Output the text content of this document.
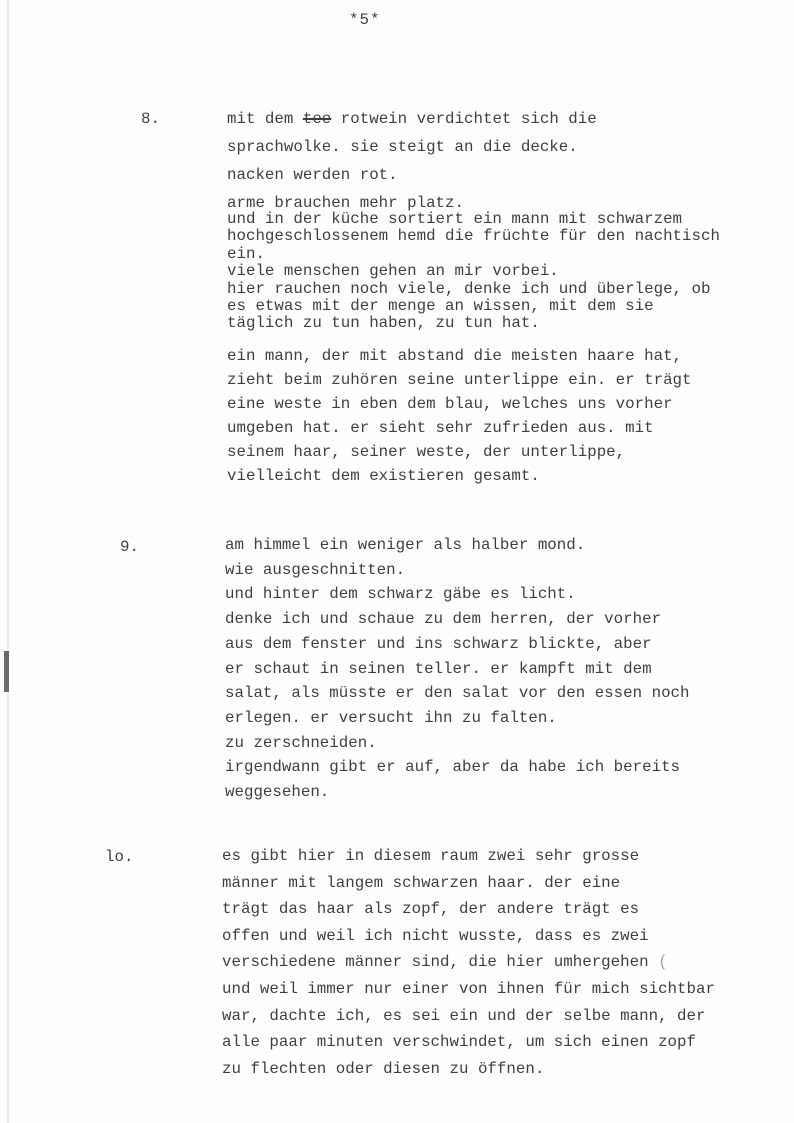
*5*
8.	mit dem tee rotwein verdichtet sich die
sprachwolke. sie steigt an die decke.
nacken werden rot.
arme brauchen mehr platz.
und in der küche sortiert ein mann mit schwarzem
hochgeschlossenem hemd die früchte für den nachtisch
ein.
viele menschen gehen an mir vorbei.
hier rauchen noch viele, denke ich und überlege, ob
es etwas mit der menge an wissen, mit dem sie
täglich zu tun haben, zu tun hat.
ein mann, der mit abstand die meisten haare hat,
zieht beim zuhören seine unterlippe ein. er trägt
eine weste in eben dem blau, welches uns vorher
umgeben hat. er sieht sehr zufrieden aus. mit
seinem haar, seiner weste, der unterlippe,
vielleicht dem existieren gesamt.
9.	am himmel ein weniger als halber mond.
wie ausgeschnitten.
und hinter dem schwarz gäbe es licht.
denke ich und schaue zu dem herren, der vorher
aus dem fenster und ins schwarz blickte, aber
er schaut in seinen teller. er kampft mit dem
salat, als müsste er den salat vor den essen noch
erlegen. er versucht ihn zu falten.
zu zerschneiden.
irgendwann gibt er auf, aber da habe ich bereits
weggesehen.
lo.	es gibt hier in diesem raum zwei sehr grosse
männer mit langem schwarzen haar. der eine
trägt das haar als zopf, der andere trägt es
offen und weil ich nicht wusste, dass es zwei
verschiedene männer sind, die hier umhergehen (
und weil immer nur einer von ihnen für mich sichtbar
war, dachte ich, es sei ein und der selbe mann, der
alle paar minuten verschwindet, um sich einen zopf
zu flechten oder diesen zu öffnen.
